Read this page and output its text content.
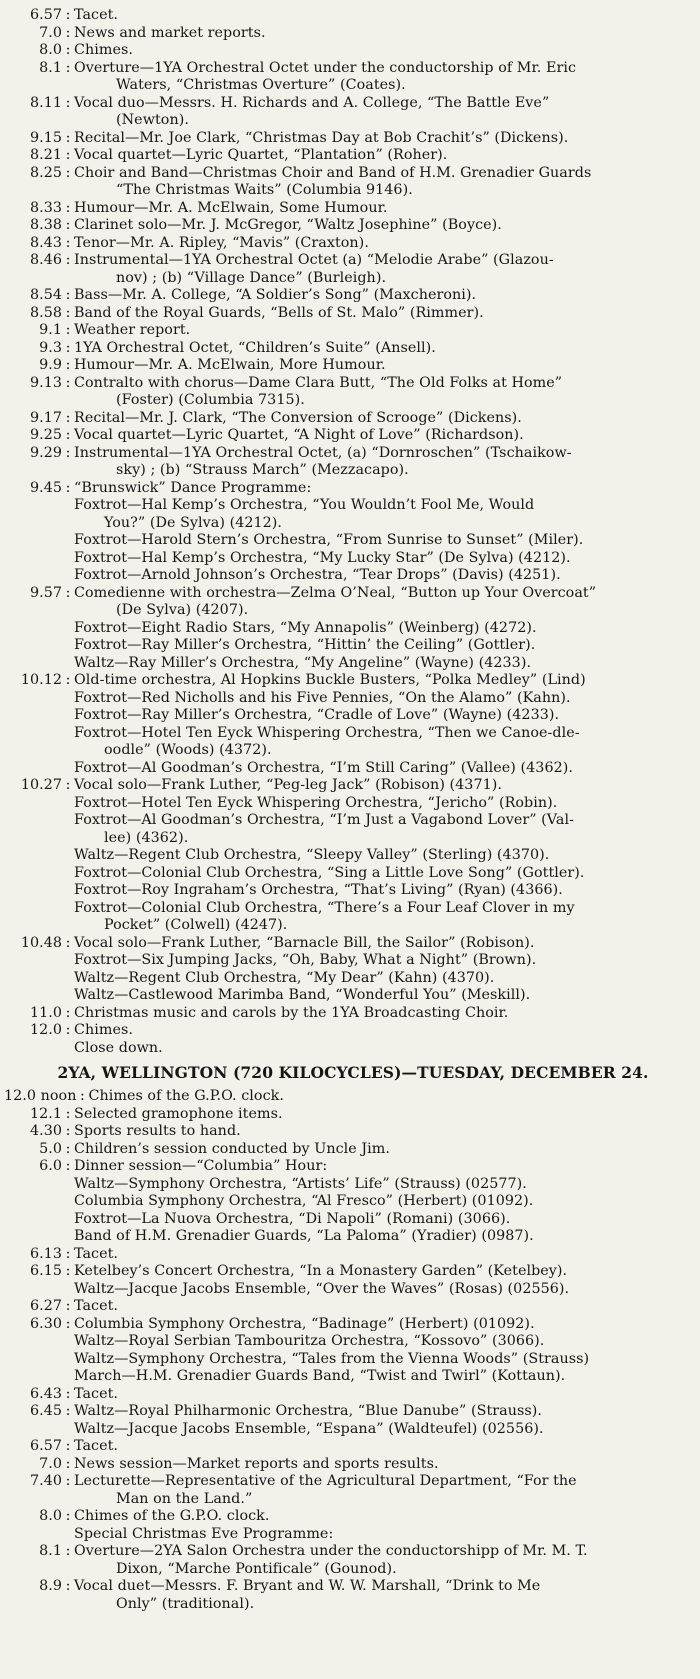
6.57 : Tacet.
7.0 : News and market reports.
8.0 : Chimes.
8.1 : Overture—1YA Orchestral Octet under the conductorship of Mr. Eric
Waters, “Christmas Overture” (Coates).
8.11 : Vocal duo—Messrs. H. Richards and A. College, “The Battle Eve”
(Newton).
9.15 : Recital—Mr. Joe Clark, “Christmas Day at Bob Crachit’s” (Dickens).
8.21 : Vocal quartet—Lyric Quartet, “Plantation” (Roher).
8.25 : Choir and Band—Christmas Choir and Band of H.M. Grenadier Guards
“The Christmas Waits” (Columbia 9146).
8.33 : Humour—Mr. A. McElwain, Some Humour.
8.38 : Clarinet solo—Mr. J. McGregor, “Waltz Josephine” (Boyce).
8.43 : Tenor—Mr. A. Ripley, “Mavis” (Craxton).
8.46 : Instrumental—1YA Orchestral Octet (a) “Melodie Arabe” (Glazou-
nov) ; (b) “Village Dance” (Burleigh).
8.54 : Bass—Mr. A. College, “A Soldier’s Song” (Maxcheroni).
8.58 : Band of the Royal Guards, “Bells of St. Malo” (Rimmer).
9.1 : Weather report.
9.3 : 1YA Orchestral Octet, “Children’s Suite” (Ansell).
9.9 : Humour—Mr. A. McElwain, More Humour.
9.13 : Contralto with chorus—Dame Clara Butt, “The Old Folks at Home”
(Foster) (Columbia 7315).
9.17 : Recital—Mr. J. Clark, “The Conversion of Scrooge” (Dickens).
9.25 : Vocal quartet—Lyric Quartet, “A Night of Love” (Richardson).
9.29 : Instrumental—1YA Orchestral Octet, (a) “Dornroschen” (Tschaikow-
sky) ; (b) “Strauss March” (Mezzacapo).
9.45 : “Brunswick” Dance Programme:
Foxtrot—Hal Kemp’s Orchestra, “You Wouldn’t Fool Me, Would
You?” (De Sylva) (4212).
Foxtrot—Harold Stern’s Orchestra, “From Sunrise to Sunset” (Miler).
Foxtrot—Hal Kemp’s Orchestra, “My Lucky Star” (De Sylva) (4212).
Foxtrot—Arnold Johnson’s Orchestra, “Tear Drops” (Davis) (4251).
9.57 : Comedienne with orchestra—Zelma O’Neal, “Button up Your Overcoat”
(De Sylva) (4207).
Foxtrot—Eight Radio Stars, “My Annapolis” (Weinberg) (4272).
Foxtrot—Ray Miller’s Orchestra, “Hittin’ the Ceiling” (Gottler).
Waltz—Ray Miller’s Orchestra, “My Angeline” (Wayne) (4233).
10.12 : Old-time orchestra, Al Hopkins Buckle Busters, “Polka Medley” (Lind)
Foxtrot—Red Nicholls and his Five Pennies, “On the Alamo” (Kahn).
Foxtrot—Ray Miller’s Orchestra, “Cradle of Love” (Wayne) (4233).
Foxtrot—Hotel Ten Eyck Whispering Orchestra, “Then we Canoe-dle-
oodle” (Woods) (4372).
Foxtrot—Al Goodman’s Orchestra, “I’m Still Caring” (Vallee) (4362).
10.27 : Vocal solo—Frank Luther, “Peg-leg Jack” (Robison) (4371).
Foxtrot—Hotel Ten Eyck Whispering Orchestra, “Jericho” (Robin).
Foxtrot—Al Goodman’s Orchestra, “I’m Just a Vagabond Lover” (Val-
lee) (4362).
Waltz—Regent Club Orchestra, “Sleepy Valley” (Sterling) (4370).
Foxtrot—Colonial Club Orchestra, “Sing a Little Love Song” (Gottler).
Foxtrot—Roy Ingraham’s Orchestra, “That’s Living” (Ryan) (4366).
Foxtrot—Colonial Club Orchestra, “There’s a Four Leaf Clover in my
Pocket” (Colwell) (4247).
10.48 : Vocal solo—Frank Luther, “Barnacle Bill, the Sailor” (Robison).
Foxtrot—Six Jumping Jacks, “Oh, Baby, What a Night” (Brown).
Waltz—Regent Club Orchestra, “My Dear” (Kahn) (4370).
Waltz—Castlewood Marimba Band, “Wonderful You” (Meskill).
11.0 : Christmas music and carols by the 1YA Broadcasting Choir.
12.0 : Chimes.
Close down.
2YA, WELLINGTON (720 KILOCYCLES)—TUESDAY, DECEMBER 24.
12.0 noon : Chimes of the G.P.O. clock.
12.1 : Selected gramophone items.
4.30 : Sports results to hand.
5.0 : Children’s session conducted by Uncle Jim.
6.0 : Dinner session—“Columbia” Hour:
Waltz—Symphony Orchestra, “Artists’ Life” (Strauss) (02577).
Columbia Symphony Orchestra, “Al Fresco” (Herbert) (01092).
Foxtrot—La Nuova Orchestra, “Di Napoli” (Romani) (3066).
Band of H.M. Grenadier Guards, “La Paloma” (Yradier) (0987).
6.13 : Tacet.
6.15 : Ketelbey’s Concert Orchestra, “In a Monastery Garden” (Ketelbey).
Waltz—Jacque Jacobs Ensemble, “Over the Waves” (Rosas) (02556).
6.27 : Tacet.
6.30 : Columbia Symphony Orchestra, “Badinage” (Herbert) (01092).
Waltz—Royal Serbian Tambouritza Orchestra, “Kossovo” (3066).
Waltz—Symphony Orchestra, “Tales from the Vienna Woods” (Strauss)
March—H.M. Grenadier Guards Band, “Twist and Twirl” (Kottaun).
6.43 : Tacet.
6.45 : Waltz—Royal Philharmonic Orchestra, “Blue Danube” (Strauss).
Waltz—Jacque Jacobs Ensemble, “Espana” (Waldteufel) (02556).
6.57 : Tacet.
7.0 : News session—Market reports and sports results.
7.40 : Lecturette—Representative of the Agricultural Department, “For the
Man on the Land.”
8.0 : Chimes of the G.P.O. clock.
Special Christmas Eve Programme:
8.1 : Overture—2YA Salon Orchestra under the conductorshipp of Mr. M. T.
Dixon, “Marche Pontificale” (Gounod).
8.9 : Vocal duet—Messrs. F. Bryant and W. W. Marshall, “Drink to Me
Only” (traditional).
